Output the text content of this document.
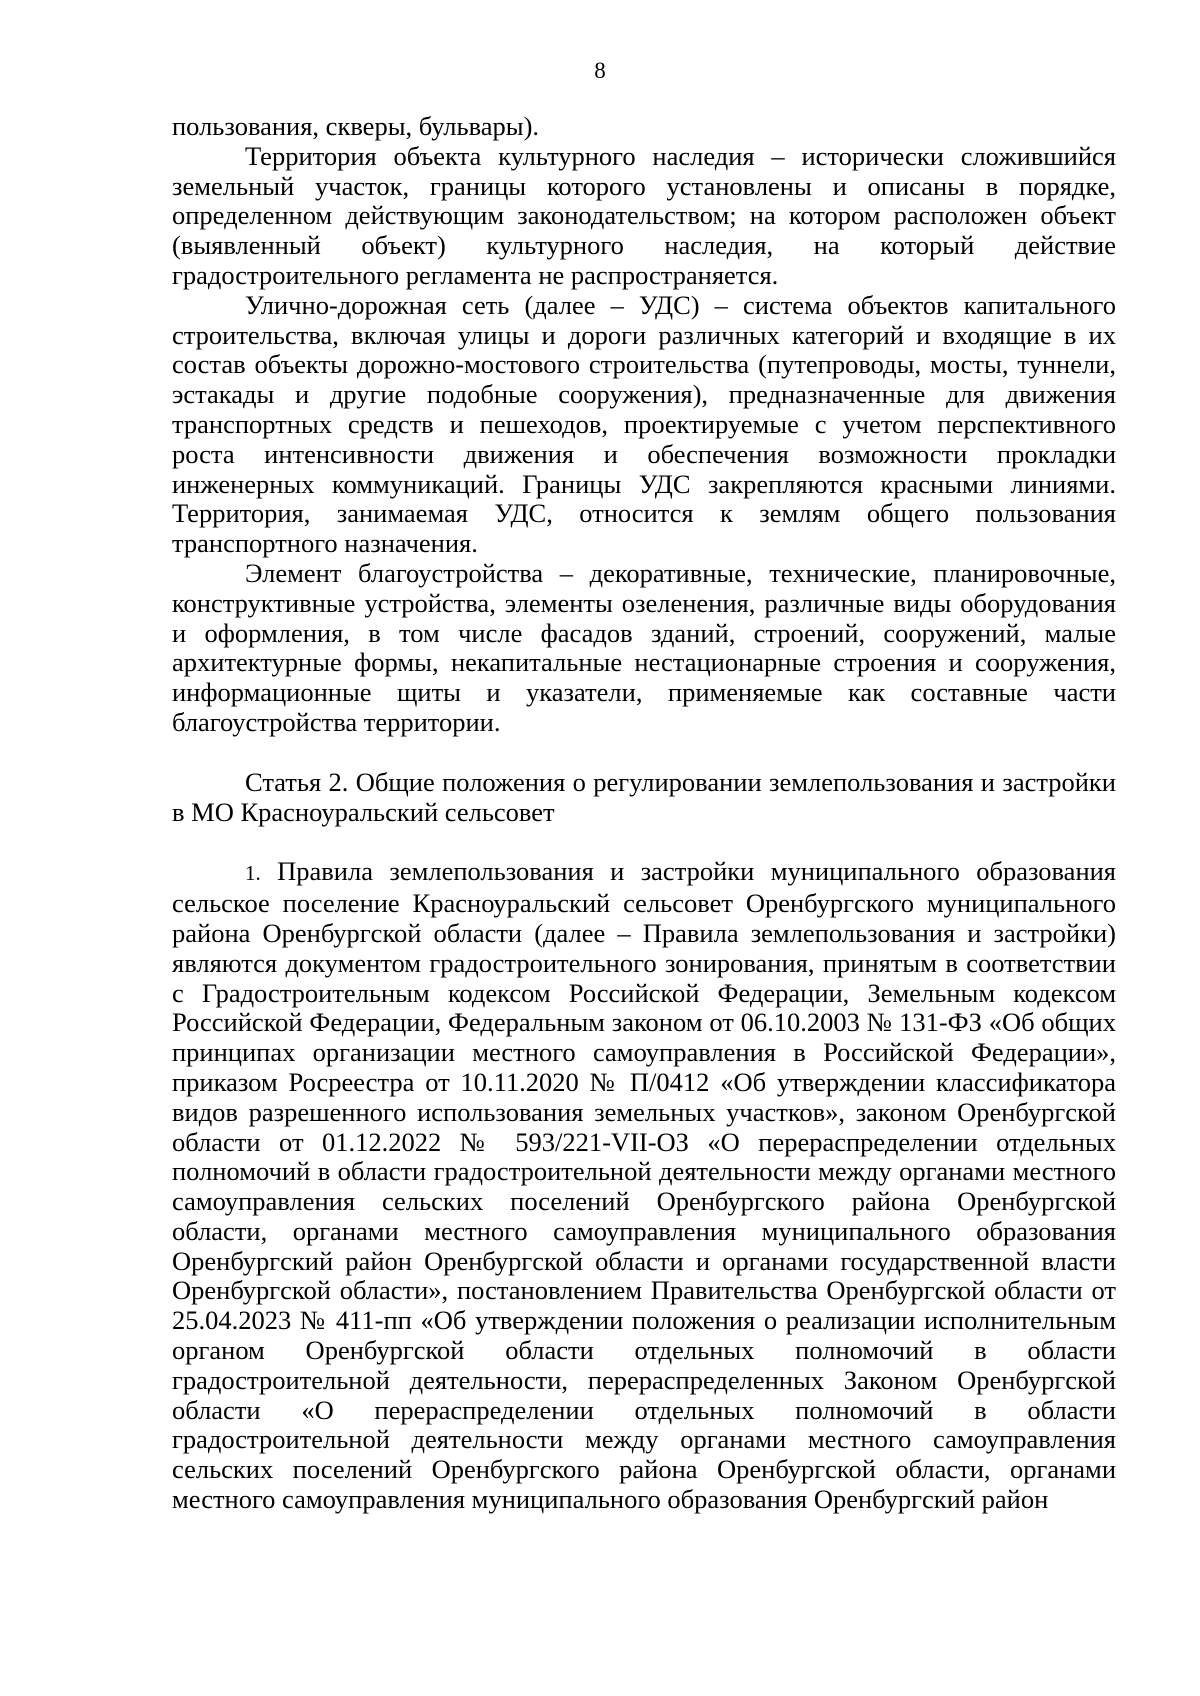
8

пользования, скверы, бульвары).

Территория объекта культурного наследия – исторически сложившийся земельный участок, границы которого установлены и описаны в порядке, определенном действующим законодательством; на котором расположен объект (выявленный объект) культурного наследия, на который действие градостроительного регламента не распространяется.

Улично-дорожная сеть (далее – УДС) – система объектов капитального строительства, включая улицы и дороги различных категорий и входящие в их состав объекты дорожно-мостового строительства (путепроводы, мосты, туннели, эстакады и другие подобные сооружения), предназначенные для движения транспортных средств и пешеходов, проектируемые с учетом перспективного роста интенсивности движения и обеспечения возможности прокладки инженерных коммуникаций. Границы УДС закрепляются красными линиями. Территория, занимаемая УДС, относится к землям общего пользования транспортного назначения.

Элемент благоустройства – декоративные, технические, планировочные, конструктивные устройства, элементы озеленения, различные виды оборудования и оформления, в том числе фасадов зданий, строений, сооружений, малые архитектурные формы, некапитальные нестационарные строения и сооружения, информационные щиты и указатели, применяемые как составные части благоустройства территории.

Статья 2. Общие положения о регулировании землепользования и застройки в МО Красноуральский сельсовет

1. Правила землепользования и застройки муниципального образования сельское поселение Красноуральский сельсовет Оренбургского муниципального района Оренбургской области (далее – Правила землепользования и застройки) являются документом градостроительного зонирования, принятым в соответствии с Градостроительным кодексом Российской Федерации, Земельным кодексом Российской Федерации, Федеральным законом от 06.10.2003 № 131-ФЗ «Об общих принципах организации местного самоуправления в Российской Федерации», приказом Росреестра от 10.11.2020 № П/0412 «Об утверждении классификатора видов разрешенного использования земельных участков», законом Оренбургской области от 01.12.2022 № 593/221-VII-ОЗ «О перераспределении отдельных полномочий в области градостроительной деятельности между органами местного самоуправления сельских поселений Оренбургского района Оренбургской области, органами местного самоуправления муниципального образования Оренбургский район Оренбургской области и органами государственной власти Оренбургской области», постановлением Правительства Оренбургской области от 25.04.2023 № 411-пп «Об утверждении положения о реализации исполнительным органом Оренбургской области отдельных полномочий в области градостроительной деятельности, перераспределенных Законом Оренбургской области «О перераспределении отдельных полномочий в области градостроительной деятельности между органами местного самоуправления сельских поселений Оренбургского района Оренбургской области, органами местного самоуправления муниципального образования Оренбургский район
